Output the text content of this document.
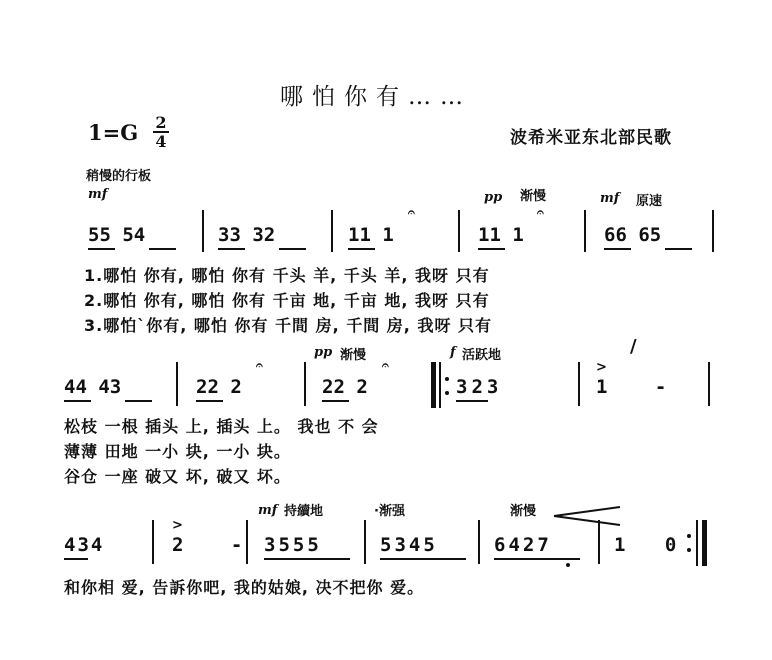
哪怕你有……
$1=G \frac{2}{4}$	波希米亚东北部民歌
稍慢的行板
mf	pp 渐慢	mf 原速
55 54	33 32	11 1
𝄐
11 1
𝄐
66 65
1.哪怕 你有, 哪怕 你有 千头 羊, 千头 羊, 我呀 只有
2.哪怕 你有, 哪怕 你有 千亩 地, 千亩 地, 我呀 只有
3.哪怕`你有, 哪怕 你有 千間 房, 千間 房, 我呀 只有
pp 渐慢	f 活跃地	/
44 43	22 2
𝄐
22 2
𝄐
323
>
1 -
松枝 一根 插头 上, 插头 上。 我也 不 会
薄薄 田地 一小 块, 一小 块。
谷仓 一座 破又 坏, 破又 坏。
mf 持續地	·渐强	渐慢
434
>
2 - 3555	5345	6427	1 0
和你相 爱, 告訴你吧, 我的姑娘, 决不把你 爱。
